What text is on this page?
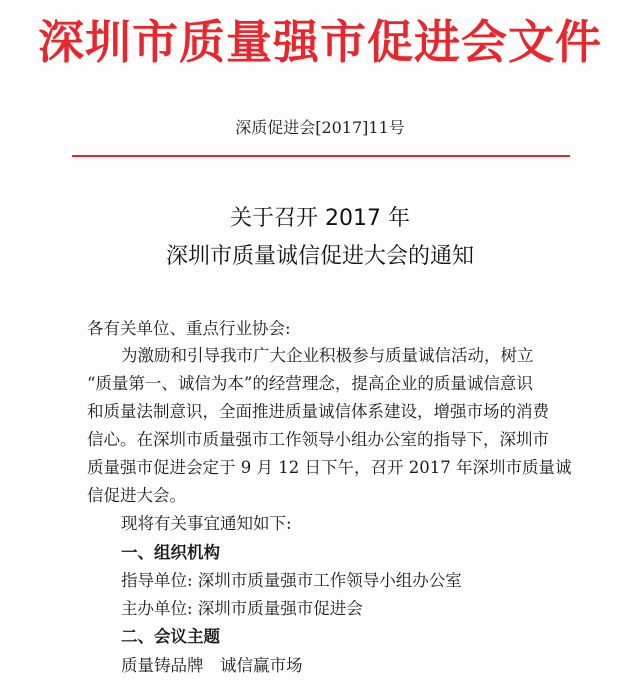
深圳市质量强市促进会文件
深质促进会[2017]11号
关于召开 2017 年
深圳市质量诚信促进大会的通知
各有关单位、重点行业协会:
为激励和引导我市广大企业积极参与质量诚信活动，树立
“质量第一、诚信为本”的经营理念，提高企业的质量诚信意识
和质量法制意识，全面推进质量诚信体系建设，增强市场的消费
信心。在深圳市质量强市工作领导小组办公室的指导下，深圳市
质量强市促进会定于 9 月 12 日下午，召开 2017 年深圳市质量诚
信促进大会。
现将有关事宜通知如下:
一、组织机构
指导单位: 深圳市质量强市工作领导小组办公室
主办单位: 深圳市质量强市促进会
二、会议主题
质量铸品牌　诚信赢市场
